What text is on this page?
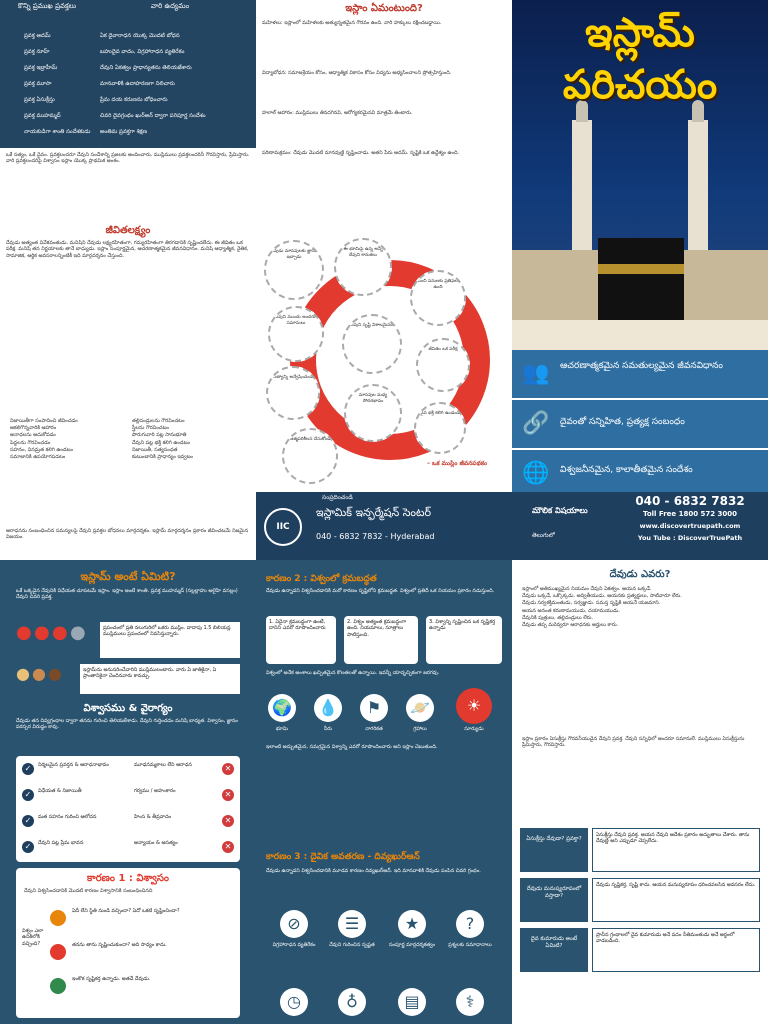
కొన్ని ప్రముఖ ప్రవక్తలు	వారి ఉద్యమం
ప్రవక్త ఆదమ్	ఏక దైవారాధన యొక్క మొదటి బోధన
ప్రవక్త నూహ్	బహుదైవ వాదం, విగ్రహారాధన వ్యతిరేకం
ప్రవక్త ఇబ్రాహీమ్	దేవుని ఏకత్వం ప్రాధాన్యతను తెలియజేశారు
ప్రవక్త మూసా	మానవాళికి ఉదాహరణగా నిలిచారు
ప్రవక్త ఏసుక్రీస్తు	ప్రేమ దయ కరుణను బోధించారు
ప్రవక్త ముహమ్మద్	చివరి దైవగ్రంథం ఖుర్ఆన్ ద్వారా పరిపూర్ణ సందేశం
నాయకుడిగా శాంతి సందేశకుడు	అంతిమ ప్రవక్తగా శిక్షణ
ఒకే సత్యం, ఒకే దైవం. ప్రవక్తలందరూ దేవుని సందేశాన్ని ప్రజలకు అందించారు. ముస్లిములు ప్రవక్తలందరినీ గౌరవిస్తారు, ప్రేమిస్తారు. వారి ప్రవక్తలందరిపై విశ్వాసం ఇస్లాం యొక్క ప్రాథమిక అంశం.
జీవితలక్ష్యం
దేవుడు అత్యంత వివేకవంతుడు. మనిషిని దేవుడు లక్ష్యరహితంగా, గమ్యరహితంగా తిరగడానికి సృష్టించలేదు. ఈ జీవితం ఒక పరీక్ష. మనిషి తన నిర్ణయాలకు తానే బాధ్యుడు. ఇస్లాం సంపూర్ణమైన, ఆచరణాత్మకమైన జీవనవిధానం. మనిషి ఆధ్యాత్మిక, నైతిక, సామాజిక, ఆర్థిక అవసరాలన్నింటికీ ఇది మార్గదర్శనం చేస్తుంది.
నిజాయితీగా సంపాదించి జీవించడం
ఆకలిగొన్నవారికి ఆహారం
అనాథలను ఆదుకోవడం
పెద్దలను గౌరవించడం
సహనం, వినమ్రత కలిగి ఉండటం
సమాజానికి ఉపయోగపడటం
తల్లిదండ్రులను గౌరవించటం
స్త్రీలను గౌరవించటం
పొరుగువారి పట్ల సానుభూతి
దేవుని పట్ల భక్తి కలిగి ఉండటం
నిజాయితీ, సత్యసంధత
కుటుంబానికి ప్రాధాన్యం ఇవ్వటం
ఆరాధనను సంబంధించిన సమస్యలపై దేవుని ప్రవక్తల బోధనలు మార్గదర్శకం. ఇస్లామ్ మార్గదర్శనం ప్రకారం జీవించటమే నిజమైన విజయం.
ఇస్లాం ఏమంటుంది?
మహిళలు: ఇస్లాంలో మహిళలకు అత్యున్నతమైన గౌరవం ఉంది. వారి హక్కులు రక్షించబడ్డాయి.
విద్యాబోధన: సమాజశ్రేయం కోసం, ఆధ్యాత్మిక వికాసం కోసం విద్యను అభ్యసించాలని ప్రోత్సహిస్తుంది.
హలాల్ ఆహారం: ముస్లిములు తినదగినవి, ఆరోగ్యకరమైనవి మాత్రమే తింటారు.
పరిణామక్రమం: దేవుడు మొదటి మానవుణ్ణి సృష్టించాడు. అతని పేరు ఆదమ్. సృష్టికి ఒక ఉద్దేశ్యం ఉంది.
దేవుడు మానవులకు జ్ఞానం ఇచ్చాడు
ఈ భూమిపై ఉన్న అన్నీ దేవుని కానుకలు
మంచి పనులకు ప్రతిఫలం ఉంది
దేవుని ముందు అందరూ సమానులు	దేవుని సృష్టి విశాలమైనది
జీవితం ఒక పరీక్ష
సత్యాన్ని అన్వేషించండి
మానవుల మధ్య సోదరభావం
దైవ భక్తి కలిగి ఉండండి
ఆత్మపరిశీలన చేసుకోండి
– ఒక ముస్లిం జీవనపథకం
ఇస్లామ్
పరిచయం
👥 ఆచరణాత్మకమైన సమతుల్యమైన జీవనవిధానం
🔗 దైవంతో సన్నిహిత, ప్రత్యక్ష సంబంధం
🌐 విశ్వజనీనమైన, కాలాతీతమైన సందేశం
సంప్రదించండి
IIC
ఇస్లామిక్ ఇన్ఫర్మేషన్ సెంటర్
040 - 6832 7832 - Hyderabad
మౌలిక విషయాలు
తెలుగులో
040 - 6832 7832
Toll Free 1800 572 3000
www.discovertruepath.com
You Tube : DiscoverTruePath
ఇస్లామ్ అంటే ఏమిటి?
ఒకే ఒక్కడైన దేవునికి విధేయత చూపటమే ఇస్లాం. ఇస్లాం అంటే శాంతి. ప్రవక్త ముహమ్మద్ (సల్లల్లాహు అలైహి వసల్లం) దేవుని చివరి ప్రవక్త.
● ● ● ●	ప్రపంచంలో ప్రతి నలుగురిలో ఒకరు ముస్లిం. దాదాపు 1.5 బిలియన్ల ముస్లిములు ప్రపంచంలో నివసిస్తున్నారు.
● ● ●	ఇస్లామ్‌ను అనుసరించేవారిని ముస్లిములంటారు. వారు ఏ జాతికైనా, ఏ ప్రాంతానికైనా చెందినవారు కావచ్చు.
విశ్వాసము & వైరాగ్యం
దేవుడు తన దివ్యగ్రంథాల ద్వారా తనను గురించి తెలియజేశాడు. దేవుని గుర్తించడం మనిషి బాధ్యత. విశ్వాసం, జ్ఞానం పరస్పర విరుద్ధం కావు.
✓	నిర్మలమైన ప్రవర్తన & ఆరాధనాభావం	మూఢనమ్మకాలు లేని ఆరాధన	✕
✓	విధేయత & నిజాయితీ	గర్వము / అహంకారం	✕
✓	మత సహనం గురించి ఆలోచన	హింస & తీవ్రవాదం	✕
✓	దేవుని పట్ల ప్రేమ భావన	అన్యాయం & అసత్యం	✕
కారణం 1 : విశ్వాసం
దేవుని విశ్వసించడానికి మొదటి కారణం విశ్వాసానికి సంబంధించినది
విశ్వం ఎలా ఉనికిలోకి వచ్చింది?
ఏదీ లేని స్థితి నుండి వచ్చిందా? ఏదో ఒకటి సృష్టించిందా?
తనను తాను సృష్టించుకుందా? అది సాధ్యం కాదు.
ఇంకొక సృష్టికర్త ఉన్నాడు. అతడే దేవుడు.
కారణం 2 : విశ్వంలో క్రమబద్ధత
దేవుడు ఉన్నాడని విశ్వసించడానికి మరో కారణం సృష్టిలోని క్రమబద్ధత. విశ్వంలో ప్రతిదీ ఒక నియమం ప్రకారం నడుస్తుంది.
1. ఏదైనా క్రమబద్ధంగా ఉంటే, దానిని ఎవరో రూపొందించారు
2. విశ్వం అత్యంత క్రమబద్ధంగా ఉంది. నియమాలు, సూత్రాలు పాటిస్తుంది.
3. విశ్వాన్ని సృష్టించిన ఒక సృష్టికర్త ఉన్నాడు
విశ్వంలో అనేక అంశాలు ఖచ్చితమైన కొలతలతో ఉన్నాయి. ఇవన్నీ యాదృచ్ఛికంగా జరగవు.
🌍 💧	⚑	🪐	☀
భూమి	నీరు	నాగరికత	గ్రహాలు	సూర్యుడు
ఇలాంటి అద్భుతమైన, సమగ్రమైన విశ్వాన్ని ఎవరో రూపొందించారు అని ఇస్లాం చెబుతుంది.
కారణం 3 : దైవిక అవతరణ - దివ్యఖుర్ఆన్
దేవుడు ఉన్నాడని విశ్వసించడానికి మూడవ కారణం దివ్యఖుర్ఆన్. ఇది మానవాళికి దేవుడు పంపిన చివరి గ్రంథం.
⊘	☰	★	?
విగ్రహారాధన వ్యతిరేకం	దేవుని గురించిన స్పష్టత	సంపూర్ణ మార్గదర్శకత్వం	ప్రశ్నలకు సమాధానాలు
◷	♁	▤	⚕
దేవుడు ఎవరు?
ఇస్లాంలో అతిముఖ్యమైన నియమం దేవుని ఏకత్వం. ఆయన ఒక్కడే.
దేవుడు ఒక్కడే, ఒక్కొక్కడు. అద్వితీయుడు. ఆయనకు ప్రత్యర్థులు, సాటివారూ లేరు.
దేవుడు సర్వశక్తిమంతుడు, సర్వజ్ఞుడు. సమస్త సృష్టికి ఆయనే యజమాని.
ఆయన అనంత కరుణామయుడు, దయామయుడు.
దేవునికి పుత్రులు, తల్లిదండ్రులు లేరు.
దేవుడు తప్ప మరెవ్వరూ ఆరాధనకు అర్హులు కారు.
ఇస్లాం ప్రకారం ఏసుక్రీస్తు గౌరవనీయుడైన దేవుని ప్రవక్త. దేవుని సన్నిధిలో అందరూ సమానులే. ముస్లిములు ఏసుక్రీస్తును ప్రేమిస్తారు, గౌరవిస్తారు.
ఏసుక్రీస్తు దేవుడా? ప్రవక్తా?
ఏసుక్రీస్తు దేవుని ప్రవక్త. ఆయన దేవుని ఆదేశం ప్రకారం అద్భుతాలు చేశారు. తాను దేవుణ్ణి అని ఎప్పుడూ చెప్పలేదు.
దేవుడు మనుష్యరూపంలో వస్తాడా?
దేవుడు సృష్టికర్త, సృష్టి కాదు. ఆయన మనుష్యరూపం ధరించవలసిన అవసరం లేదు.
దైవ కుమారుడు అంటే ఏమిటి?
ప్రాచీన గ్రంథాలలో దైవ కుమారుడు అనే పదం నీతిమంతుడు అనే అర్థంలో వాడబడింది.
